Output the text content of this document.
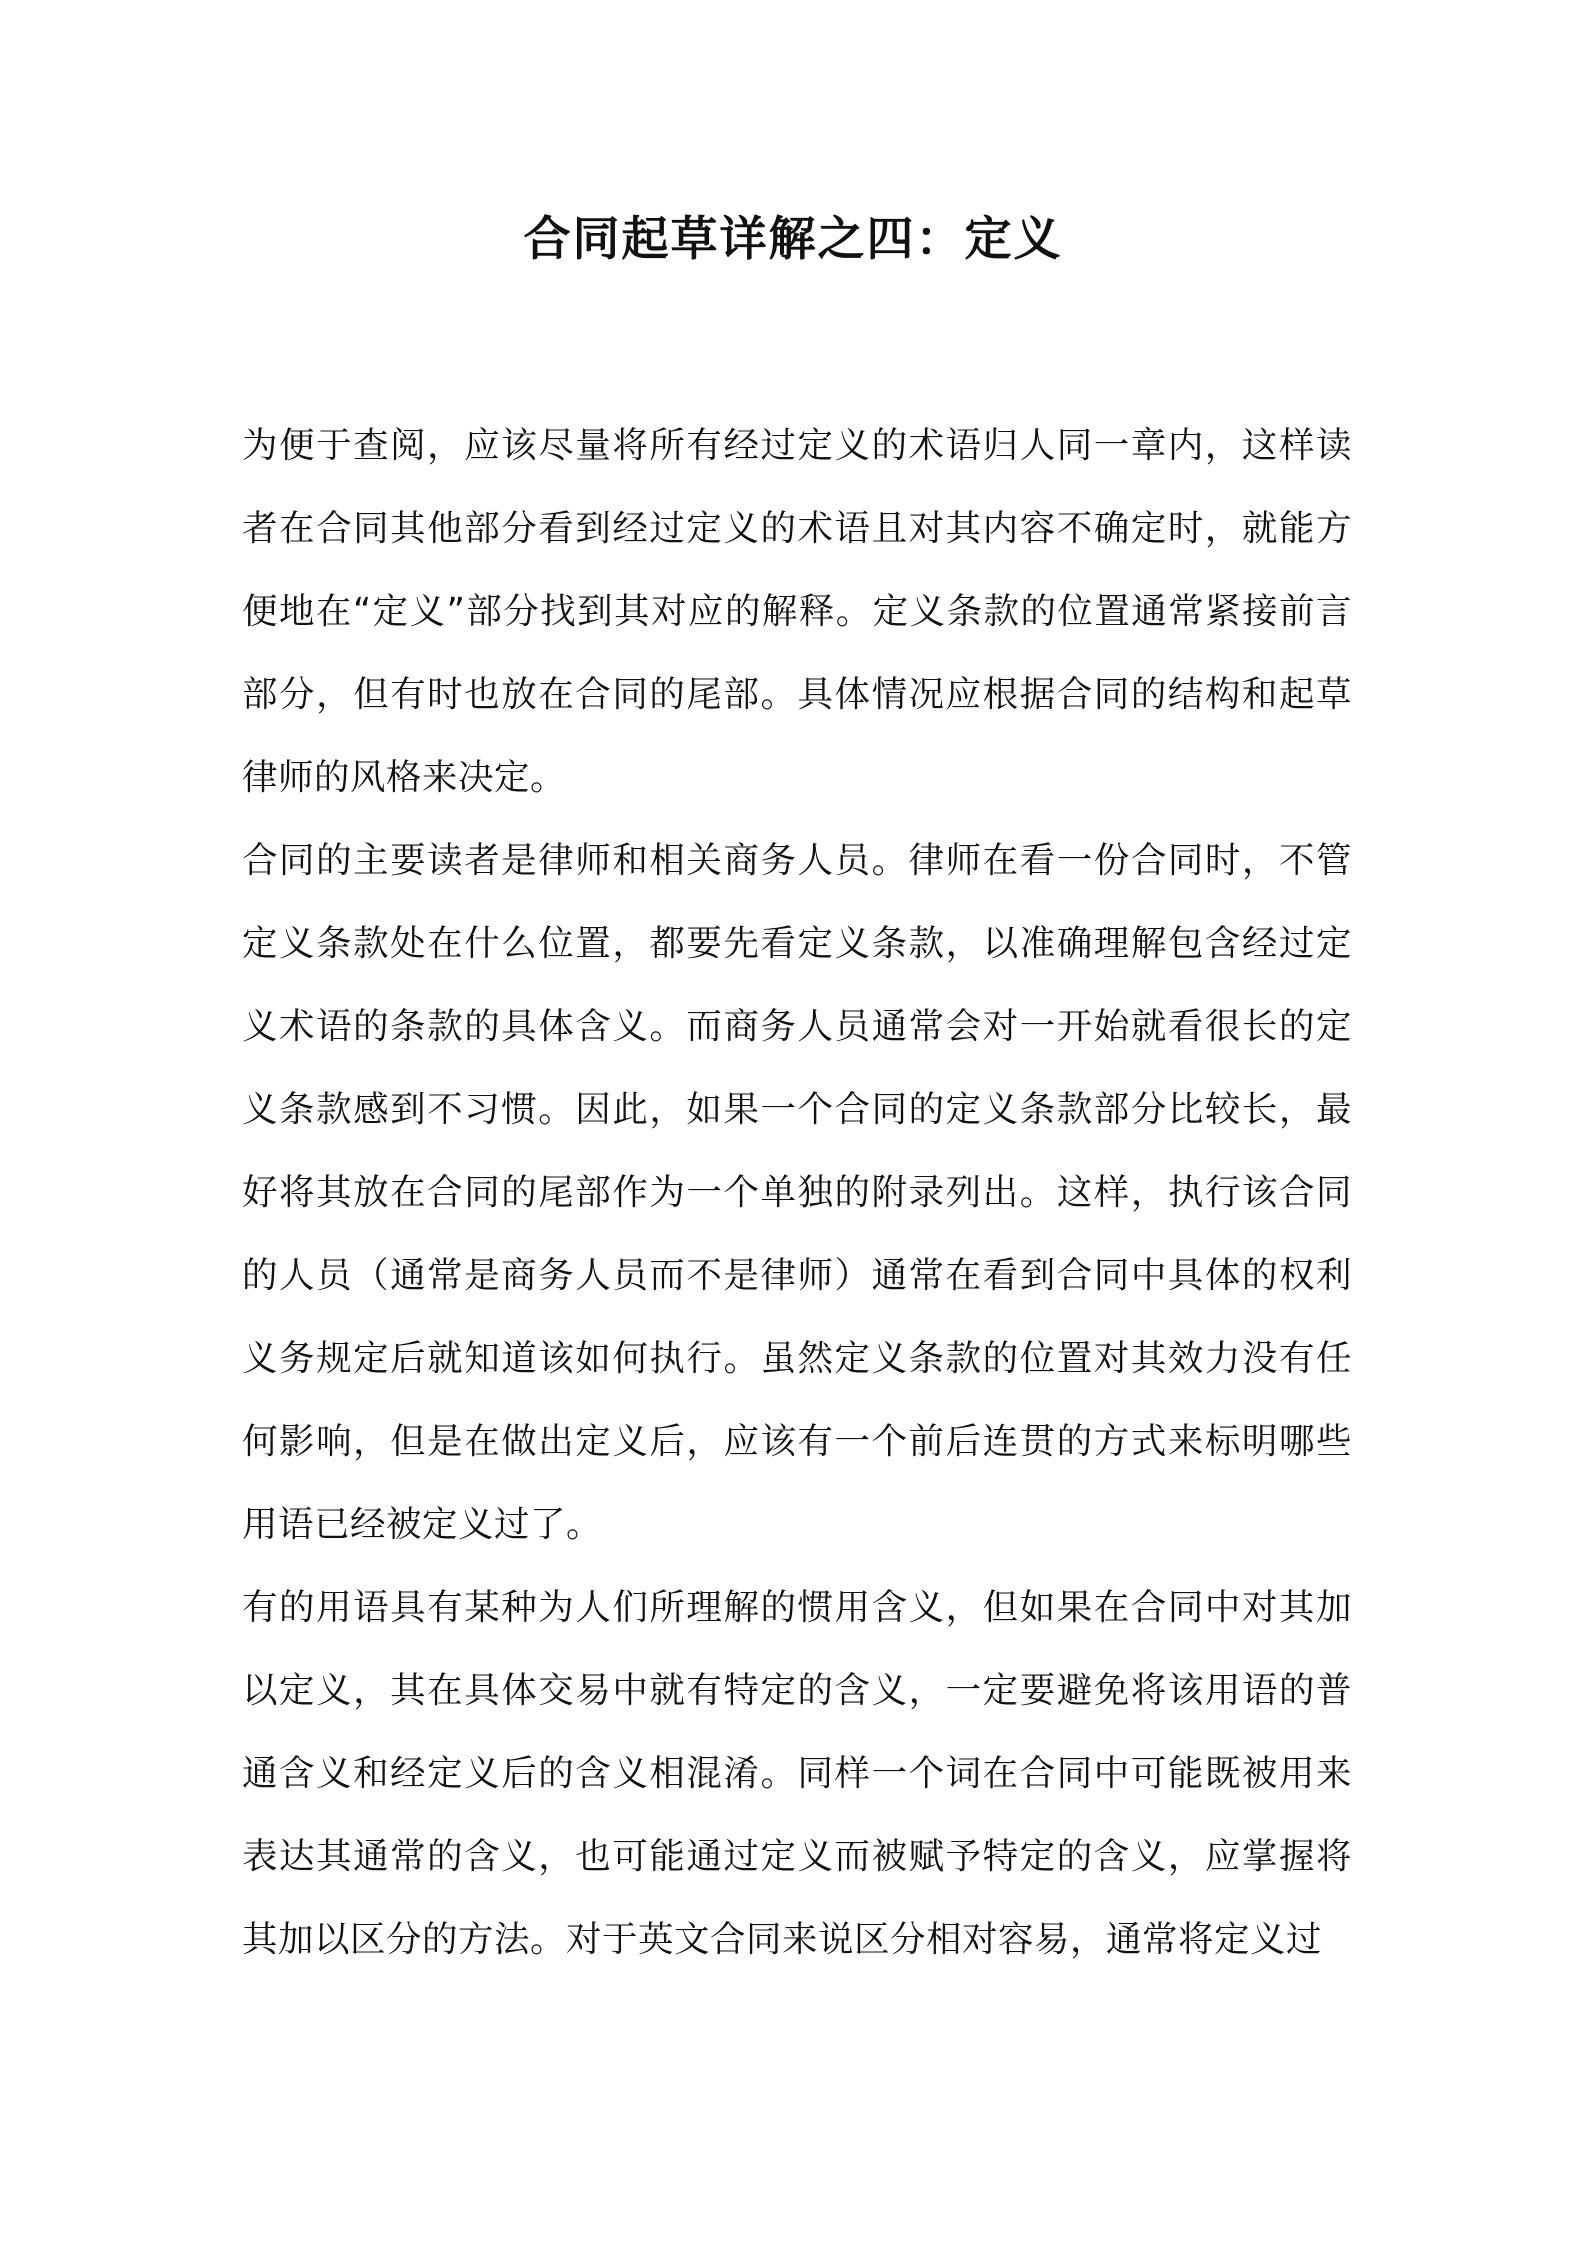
合同起草详解之四：定义

为便于查阅，应该尽量将所有经过定义的术语归人同一章内，这样读者在合同其他部分看到经过定义的术语且对其内容不确定时，就能方便地在“定义”部分找到其对应的解释。定义条款的位置通常紧接前言部分，但有时也放在合同的尾部。具体情况应根据合同的结构和起草律师的风格来决定。

合同的主要读者是律师和相关商务人员。律师在看一份合同时，不管定义条款处在什么位置，都要先看定义条款，以准确理解包含经过定义术语的条款的具体含义。而商务人员通常会对一开始就看很长的定义条款感到不习惯。因此，如果一个合同的定义条款部分比较长，最好将其放在合同的尾部作为一个单独的附录列出。这样，执行该合同的人员（通常是商务人员而不是律师）通常在看到合同中具体的权利义务规定后就知道该如何执行。虽然定义条款的位置对其效力没有任何影响，但是在做出定义后，应该有一个前后连贯的方式来标明哪些用语已经被定义过了。

有的用语具有某种为人们所理解的惯用含义，但如果在合同中对其加以定义，其在具体交易中就有特定的含义，一定要避免将该用语的普通含义和经定义后的含义相混淆。同样一个词在合同中可能既被用来表达其通常的含义，也可能通过定义而被赋予特定的含义，应掌握将其加以区分的方法。对于英文合同来说区分相对容易，通常将定义过
